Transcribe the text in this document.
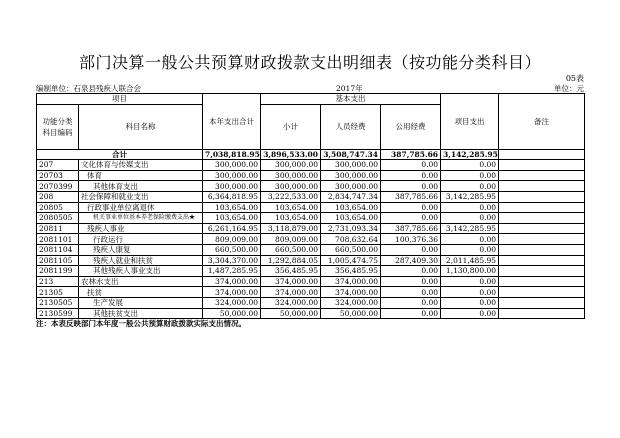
部门决算一般公共预算财政拨款支出明细表（按功能分类科目）
05表
编制单位：石泉县残疾人联合会	2017年	单位：元
项目		本年支出合计	基本支出			项目支出	备注
功能分类科目编码	科目名称		小计	人员经费	公用经费		
合计		7,038,818.95	3,896,533.00	3,508,747.34	387,785.66	3,142,285.95	
207	文化体育与传媒支出	300,000.00	300,000.00	300,000.00	0.00	0.00	
20703	体育	300,000.00	300,000.00	300,000.00	0.00	0.00	
2070399	其他体育支出	300,000.00	300,000.00	300,000.00	0.00	0.00	
208	社会保障和就业支出	6,364,818.95	3,222,533.00	2,834,747.34	387,785.66	3,142,285.95	
20805	行政事业单位离退休	103,654.00	103,654.00	103,654.00	0.00	0.00	
2080505	机关事业单位基本养老保险缴费支出★	103,654.00	103,654.00	103,654.00	0.00	0.00	
20811	残疾人事业	6,261,164.95	3,118,879.00	2,731,093.34	387,785.66	3,142,285.95	
2081101	行政运行	809,009.00	809,009.00	708,632.64	100,376.36	0.00	
2081104	残疾人康复	660,500.00	660,500.00	660,500.00	0.00	0.00	
2081105	残疾人就业和扶贫	3,304,370.00	1,292,884.05	1,005,474.75	287,409.30	2,011,485.95	
2081199	其他残疾人事业支出	1,487,285.95	356,485.95	356,485.95	0.00	1,130,800.00	
213	农林水支出	374,000.00	374,000.00	374,000.00	0.00	0.00	
21305	扶贫	374,000.00	374,000.00	374,000.00	0.00	0.00	
2130505	生产发展	324,000.00	324,000.00	324,000.00	0.00	0.00	
2130599	其他扶贫支出	50,000.00	50,000.00	50,000.00	0.00	0.00	
注：本表反映部门本年度一般公共预算财政拨款实际支出情况。
